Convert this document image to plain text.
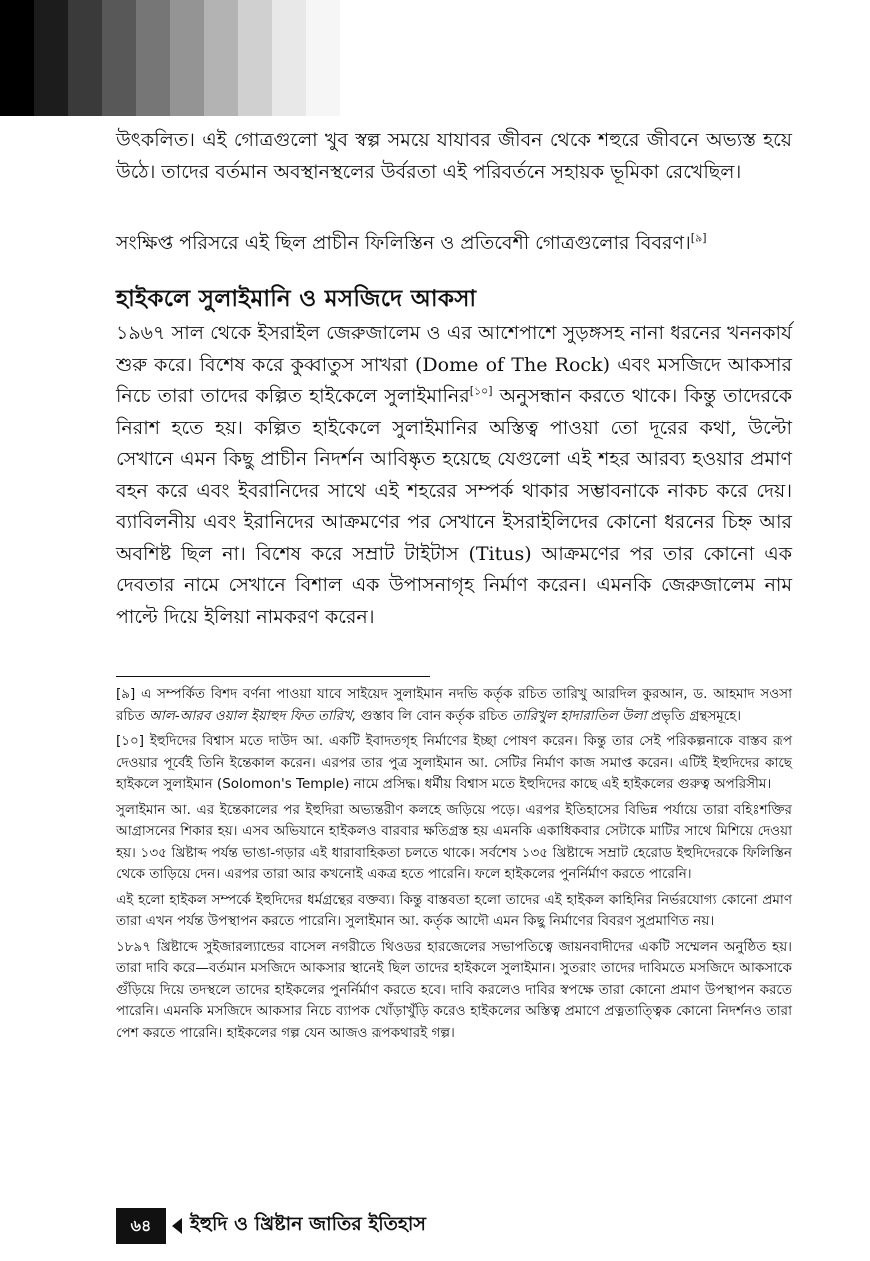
উৎকলিত। এই গোত্রগুলো খুব স্বল্প সময়ে যাযাবর জীবন থেকে শহুরে জীবনে অভ্যস্ত হয়ে উঠে। তাদের বর্তমান অবস্থানস্থলের উর্বরতা এই পরিবর্তনে সহায়ক ভূমিকা রেখেছিল।

সংক্ষিপ্ত পরিসরে এই ছিল প্রাচীন ফিলিস্তিন ও প্রতিবেশী গোত্রগুলোর বিবরণ।[৯]

হাইকলে সুলাইমানি ও মসজিদে আকসা

১৯৬৭ সাল থেকে ইসরাইল জেরুজালেম ও এর আশেপাশে সুড়ঙ্গসহ নানা ধরনের খননকার্য শুরু করে। বিশেষ করে কুব্বাতুস সাখরা (Dome of The Rock) এবং মসজিদে আকসার নিচে তারা তাদের কল্পিত হাইকেলে সুলাইমানির[১০] অনুসন্ধান করতে থাকে। কিন্তু তাদেরকে নিরাশ হতে হয়। কল্পিত হাইকেলে সুলাইমানির অস্তিত্ব পাওয়া তো দূরের কথা, উল্টো সেখানে এমন কিছু প্রাচীন নিদর্শন আবিষ্কৃত হয়েছে যেগুলো এই শহর আরব্য হওয়ার প্রমাণ বহন করে এবং ইবরানিদের সাথে এই শহরের সম্পর্ক থাকার সম্ভাবনাকে নাকচ করে দেয়। ব্যাবিলনীয় এবং ইরানিদের আক্রমণের পর সেখানে ইসরাইলিদের কোনো ধরনের চিহ্ন আর অবশিষ্ট ছিল না। বিশেষ করে সম্রাট টাইটাস (Titus) আক্রমণের পর তার কোনো এক দেবতার নামে সেখানে বিশাল এক উপাসনাগৃহ নির্মাণ করেন। এমনকি জেরুজালেম নাম পাল্টে দিয়ে ইলিয়া নামকরণ করেন।

[৯] এ সম্পর্কিত বিশদ বর্ণনা পাওয়া যাবে সাইয়েদ সুলাইমান নদভি কর্তৃক রচিত তারিখু আরদিল কুরআন, ড. আহমাদ সওসা রচিত আল-আরব ওয়াল ইয়াহুদ ফিত তারিখ, গুস্তাব লি বোন কর্তৃক রচিত তারিখুল হাদারাতিল উলা প্রভৃতি গ্রন্থসমূহে।

[১০] ইহুদিদের বিশ্বাস মতে দাউদ আ. একটি ইবাদতগৃহ নির্মাণের ইচ্ছা পোষণ করেন। কিন্তু তার সেই পরিকল্পনাকে বাস্তব রূপ দেওয়ার পূর্বেই তিনি ইন্তেকাল করেন। এরপর তার পুত্র সুলাইমান আ. সেটির নির্মাণ কাজ সমাপ্ত করেন। এটিই ইহুদিদের কাছে হাইকলে সুলাইমান (Solomon's Temple) নামে প্রসিদ্ধ। ধর্মীয় বিশ্বাস মতে ইহুদিদের কাছে এই হাইকলের গুরুত্ব অপরিসীম।

সুলাইমান আ. এর ইন্তেকালের পর ইহুদিরা অভ্যন্তরীণ কলহে জড়িয়ে পড়ে। এরপর ইতিহাসের বিভিন্ন পর্যায়ে তারা বহিঃশক্তির আগ্রাসনের শিকার হয়। এসব অভিযানে হাইকলও বারবার ক্ষতিগ্রস্ত হয় এমনকি একাধিকবার সেটাকে মাটির সাথে মিশিয়ে দেওয়া হয়। ১৩৫ খ্রিষ্টাব্দ পর্যন্ত ভাঙা-গড়ার এই ধারাবাহিকতা চলতে থাকে। সর্বশেষ ১৩৫ খ্রিষ্টাব্দে সম্রাট হেরোড ইহুদিদেরকে ফিলিস্তিন থেকে তাড়িয়ে দেন। এরপর তারা আর কখনোই একত্র হতে পারেনি। ফলে হাইকলের পুনর্নির্মাণ করতে পারেনি।

এই হলো হাইকল সম্পর্কে ইহুদিদের ধর্মগ্রন্থের বক্তব্য। কিন্তু বাস্তবতা হলো তাদের এই হাইকল কাহিনির নির্ভরযোগ্য কোনো প্রমাণ তারা এখন পর্যন্ত উপস্থাপন করতে পারেনি। সুলাইমান আ. কর্তৃক আদৌ এমন কিছু নির্মাণের বিবরণ সুপ্রমাণিত নয়।

১৮৯৭ খ্রিষ্টাব্দে সুইজারল্যান্ডের বাসেল নগরীতে থিওডর হারজেলের সভাপতিত্বে জায়নবাদীদের একটি সম্মেলন অনুষ্ঠিত হয়। তারা দাবি করে—বর্তমান মসজিদে আকসার স্থানেই ছিল তাদের হাইকলে সুলাইমান। সুতরাং তাদের দাবিমতে মসজিদে আকসাকে গুঁড়িয়ে দিয়ে তদস্থলে তাদের হাইকলের পুনর্নির্মাণ করতে হবে। দাবি করলেও দাবির স্বপক্ষে তারা কোনো প্রমাণ উপস্থাপন করতে পারেনি। এমনকি মসজিদে আকসার নিচে ব্যাপক খোঁড়াখুঁড়ি করেও হাইকলের অস্তিত্ব প্রমাণে প্রত্নতাত্ত্বিক কোনো নিদর্শনও তারা পেশ করতে পারেনি। হাইকলের গল্প যেন আজও রূপকথারই গল্প।

৬৪	ইহুদি ও খ্রিষ্টান জাতির ইতিহাস
